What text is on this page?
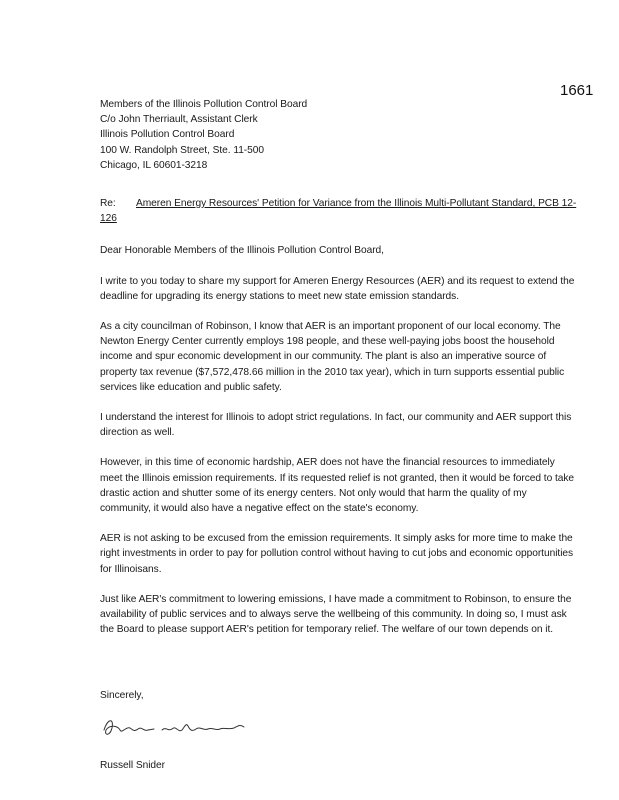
1661
Members of the Illinois Pollution Control Board
C/o John Therriault, Assistant Clerk
Illinois Pollution Control Board
100 W. Randolph Street, Ste. 11-500
Chicago, IL 60601-3218
Re: Ameren Energy Resources' Petition for Variance from the Illinois Multi-Pollutant Standard, PCB 12-126
Dear Honorable Members of the Illinois Pollution Control Board,

I write to you today to share my support for Ameren Energy Resources (AER) and its request to extend the deadline for upgrading its energy stations to meet new state emission standards.

As a city councilman of Robinson, I know that AER is an important proponent of our local economy. The Newton Energy Center currently employs 198 people, and these well-paying jobs boost the household income and spur economic development in our community. The plant is also an imperative source of property tax revenue ($7,572,478.66 million in the 2010 tax year), which in turn supports essential public services like education and public safety.

I understand the interest for Illinois to adopt strict regulations. In fact, our community and AER support this direction as well.

However, in this time of economic hardship, AER does not have the financial resources to immediately meet the Illinois emission requirements. If its requested relief is not granted, then it would be forced to take drastic action and shutter some of its energy centers. Not only would that harm the quality of my community, it would also have a negative effect on the state's economy.

AER is not asking to be excused from the emission requirements. It simply asks for more time to make the right investments in order to pay for pollution control without having to cut jobs and economic opportunities for Illinoisans.

Just like AER's commitment to lowering emissions, I have made a commitment to Robinson, to ensure the availability of public services and to always serve the wellbeing of this community. In doing so, I must ask the Board to please support AER's petition for temporary relief. The welfare of our town depends on it.

Sincerely,
Russell Snider
